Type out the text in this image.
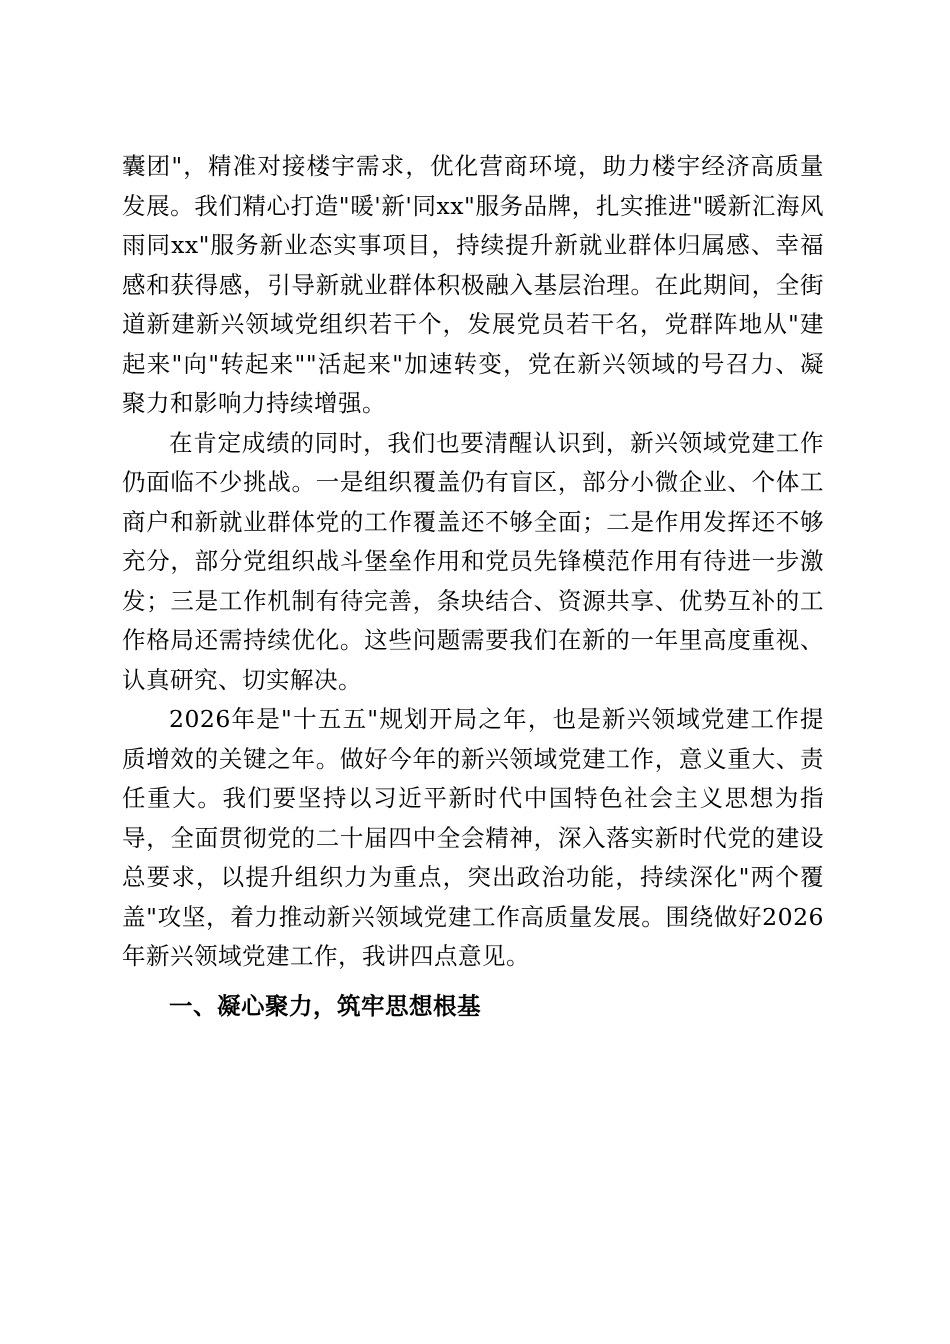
囊团"，精准对接楼宇需求，优化营商环境，助力楼宇经济高质量发展。我们精心打造"暖'新'同xx"服务品牌，扎实推进"暖新汇海风雨同xx"服务新业态实事项目，持续提升新就业群体归属感、幸福感和获得感，引导新就业群体积极融入基层治理。在此期间，全街道新建新兴领域党组织若干个，发展党员若干名，党群阵地从"建起来"向"转起来""活起来"加速转变，党在新兴领域的号召力、凝聚力和影响力持续增强。

在肯定成绩的同时，我们也要清醒认识到，新兴领域党建工作仍面临不少挑战。一是组织覆盖仍有盲区，部分小微企业、个体工商户和新就业群体党的工作覆盖还不够全面；二是作用发挥还不够充分，部分党组织战斗堡垒作用和党员先锋模范作用有待进一步激发；三是工作机制有待完善，条块结合、资源共享、优势互补的工作格局还需持续优化。这些问题需要我们在新的一年里高度重视、认真研究、切实解决。

2026年是"十五五"规划开局之年，也是新兴领域党建工作提质增效的关键之年。做好今年的新兴领域党建工作，意义重大、责任重大。我们要坚持以习近平新时代中国特色社会主义思想为指导，全面贯彻党的二十届四中全会精神，深入落实新时代党的建设总要求，以提升组织力为重点，突出政治功能，持续深化"两个覆盖"攻坚，着力推动新兴领域党建工作高质量发展。围绕做好2026年新兴领域党建工作，我讲四点意见。

一、凝心聚力，筑牢思想根基
